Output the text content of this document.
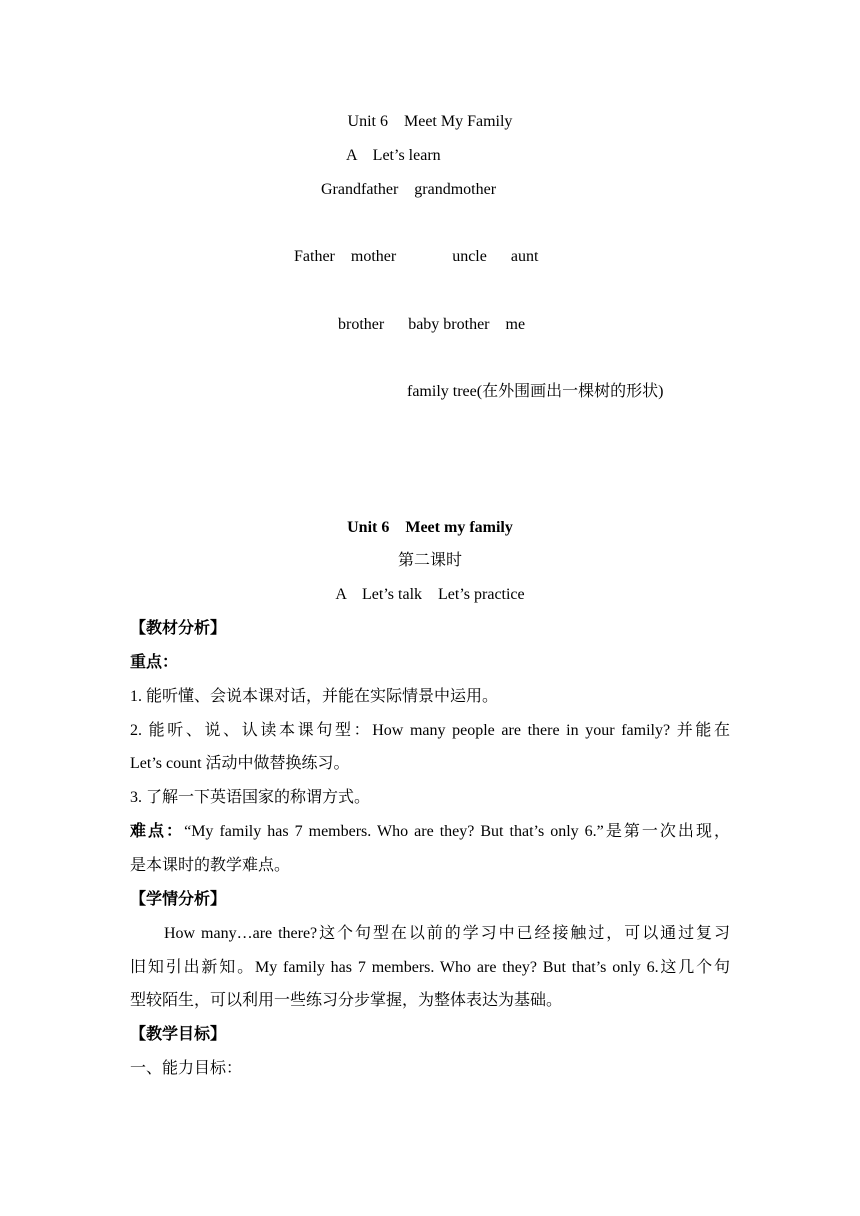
Unit 6    Meet My Family
A    Let’s learn
Grandfather    grandmother
Father    mother              uncle      aunt
brother      baby brother    me
family tree(在外围画出一棵树的形状)
Unit 6    Meet my family
第二课时
A    Let’s talk    Let’s practice
【教材分析】
重点：
1. 能听懂、会说本课对话，并能在实际情景中运用。
2. 能听、说、认读本课句型：How many people are there in your family? 并能在
Let’s count 活动中做替换练习。
3. 了解一下英语国家的称谓方式。
难点：“My family has 7 members. Who are they? But that’s only 6.”是第一次出现，
是本课时的教学难点。
【学情分析】
How many…are there?这个句型在以前的学习中已经接触过，可以通过复习
旧知引出新知。My family has 7 members. Who are they? But that’s only 6.这几个句
型较陌生，可以利用一些练习分步掌握，为整体表达为基础。
【教学目标】
一、能力目标：
